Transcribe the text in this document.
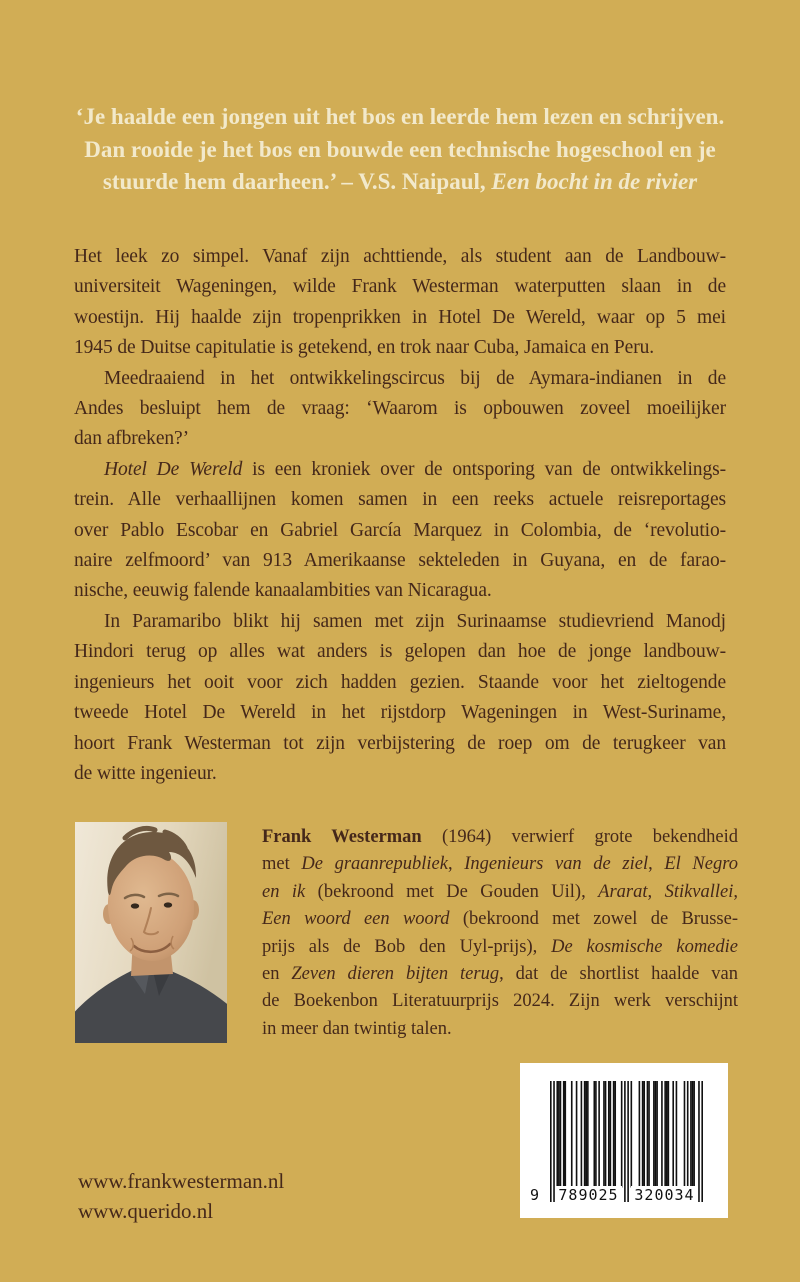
‘Je haalde een jongen uit het bos en leerde hem lezen en schrijven.
Dan rooide je het bos en bouwde een technische hogeschool en je
stuurde hem daarheen.’ – V.S. Naipaul, Een bocht in de rivier
Het leek zo simpel. Vanaf zijn achttiende, als student aan de Landbouw-
universiteit Wageningen, wilde Frank Westerman waterputten slaan in de
woestijn. Hij haalde zijn tropenprikken in Hotel De Wereld, waar op 5 mei
1945 de Duitse capitulatie is getekend, en trok naar Cuba, Jamaica en Peru.
Meedraaiend in het ontwikkelingscircus bij de Aymara-indianen in de
Andes besluipt hem de vraag: ‘Waarom is opbouwen zoveel moeilijker
dan afbreken?’
Hotel De Wereld is een kroniek over de ontsporing van de ontwikkelings-
trein. Alle verhaallijnen komen samen in een reeks actuele reisreportages
over Pablo Escobar en Gabriel García Marquez in Colombia, de ‘revolutio-
naire zelfmoord’ van 913 Amerikaanse sekteleden in Guyana, en de farao-
nische, eeuwig falende kanaalambities van Nicaragua.
In Paramaribo blikt hij samen met zijn Surinaamse studievriend Manodj
Hindori terug op alles wat anders is gelopen dan hoe de jonge landbouw-
ingenieurs het ooit voor zich hadden gezien. Staande voor het zieltogende
tweede Hotel De Wereld in het rijstdorp Wageningen in West-Suriname,
hoort Frank Westerman tot zijn verbijstering de roep om de terugkeer van
de witte ingenieur.
Frank Westerman (1964) verwierf grote bekendheid
met De graanrepubliek, Ingenieurs van de ziel, El Negro
en ik (bekroond met De Gouden Uil), Ararat, Stikvallei,
Een woord een woord (bekroond met zowel de Brusse-
prijs als de Bob den Uyl-prijs), De kosmische komedie
en Zeven dieren bijten terug, dat de shortlist haalde van
de Boekenbon Literatuurprijs 2024. Zijn werk verschijnt
in meer dan twintig talen.
www.frankwesterman.nl
www.querido.nl
9 789025 320034
